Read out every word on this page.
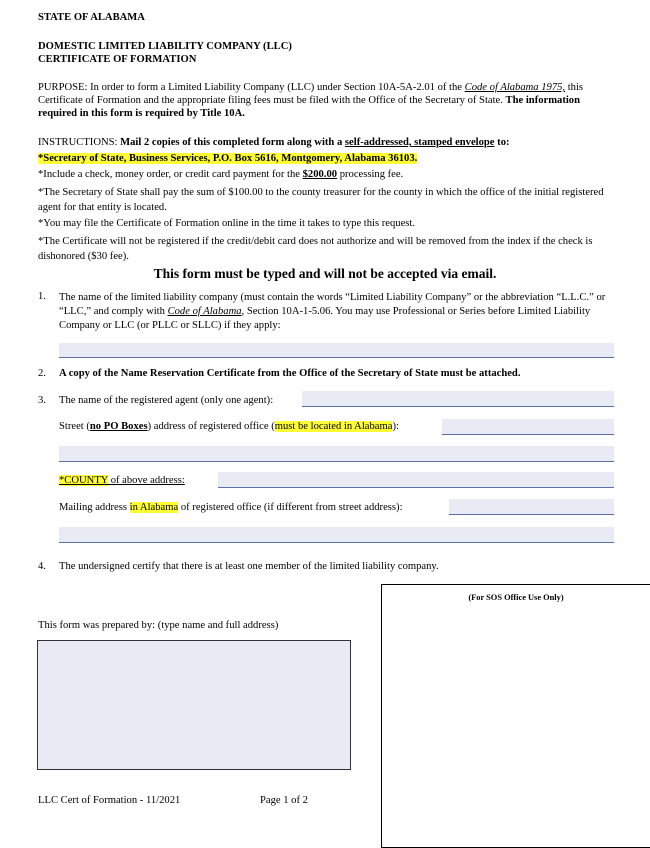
STATE OF ALABAMA
DOMESTIC LIMITED LIABILITY COMPANY (LLC)
CERTIFICATE OF FORMATION

PURPOSE: In order to form a Limited Liability Company (LLC) under Section 10A-5A-2.01 of the Code of Alabama 1975, this Certificate of Formation and the appropriate filing fees must be filed with the Office of the Secretary of State. The information required in this form is required by Title 10A.

INSTRUCTIONS: Mail 2 copies of this completed form along with a self-addressed, stamped envelope to:

*Secretary of State, Business Services, P.O. Box 5616, Montgomery, Alabama 36103.

*Include a check, money order, or credit card payment for the $200.00 processing fee.

*The Secretary of State shall pay the sum of $100.00 to the county treasurer for the county in which the office of the initial registered agent for that entity is located.

*You may file the Certificate of Formation online in the time it takes to type this request.

*The Certificate will not be registered if the credit/debit card does not authorize and will be removed from the index if the check is dishonored ($30 fee).

This form must be typed and will not be accepted via email.
1. The name of the limited liability company (must contain the words “Limited Liability Company” or the abbreviation “L.L.C.” or “LLC,” and comply with Code of Alabama, Section 10A-1-5.06. You may use Professional or Series before Limited Liability Company or LLC (or PLLC or SLLC) if they apply:

2. A copy of the Name Reservation Certificate from the Office of the Secretary of State must be attached.
3. The name of the registered agent (only one agent):

Street (no PO Boxes) address of registered office (must be located in Alabama):

*COUNTY of above address:

Mailing address in Alabama of registered office (if different from street address):

4. The undersigned certify that there is at least one member of the limited liability company.
(For SOS Office Use Only)
This form was prepared by: (type name and full address)
LLC Cert of Formation - 11/2021	Page 1 of 2
